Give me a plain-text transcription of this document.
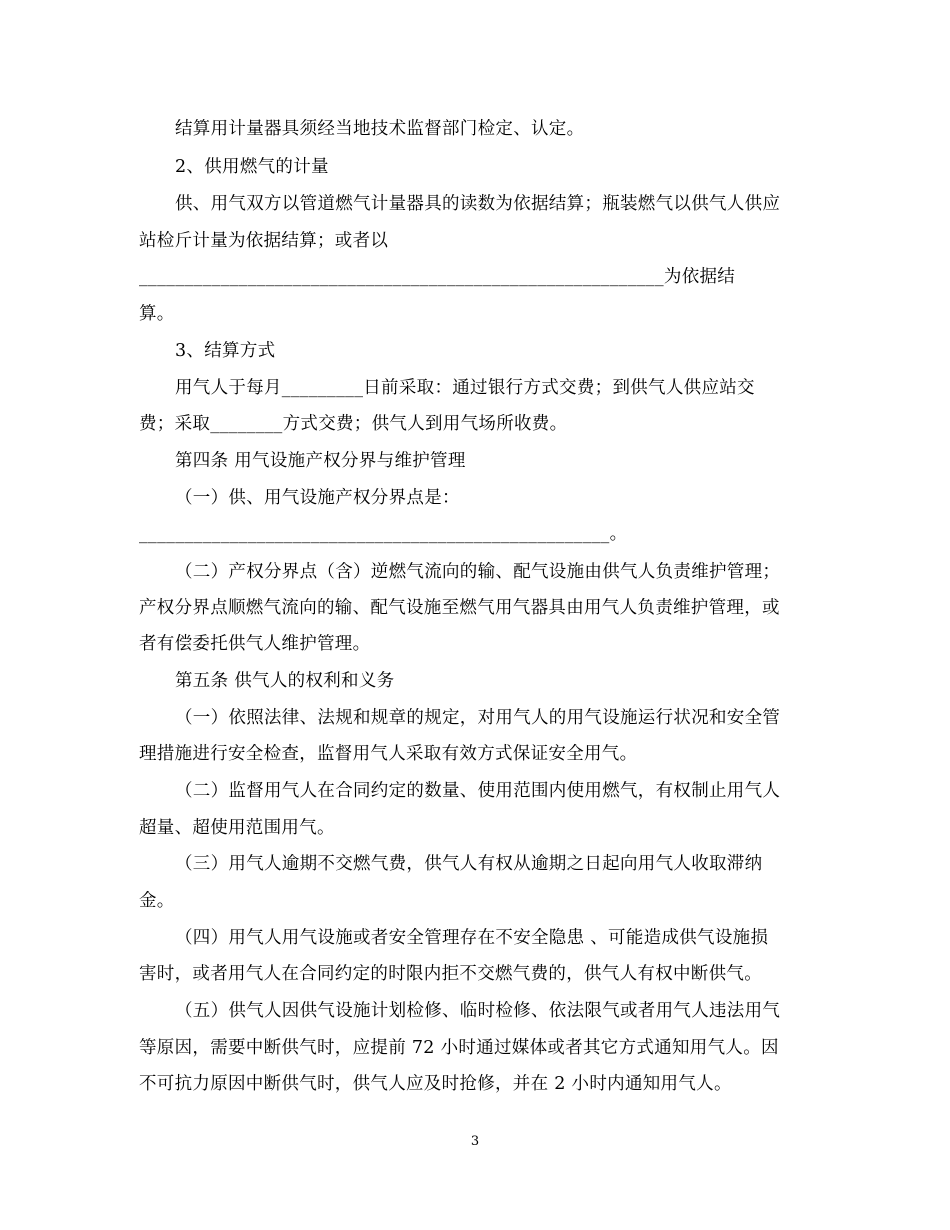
结算用计量器具须经当地技术监督部门检定、认定。
2、供用燃气的计量
供、用气双方以管道燃气计量器具的读数为依据结算；瓶装燃气以供气人供应
站检斤计量为依据结算；或者以
__________________________________________________________为依据结
算。
3、结算方式
用气人于每月_________日前采取：通过银行方式交费；到供气人供应站交
费；采取________方式交费；供气人到用气场所收费。
第四条 用气设施产权分界与维护管理
（一）供、用气设施产权分界点是：
____________________________________________________。
（二）产权分界点（含）逆燃气流向的输、配气设施由供气人负责维护管理；
产权分界点顺燃气流向的输、配气设施至燃气用气器具由用气人负责维护管理，或
者有偿委托供气人维护管理。
第五条 供气人的权利和义务
（一）依照法律、法规和规章的规定，对用气人的用气设施运行状况和安全管
理措施进行安全检查，监督用气人采取有效方式保证安全用气。
（二）监督用气人在合同约定的数量、使用范围内使用燃气，有权制止用气人
超量、超使用范围用气。
（三）用气人逾期不交燃气费，供气人有权从逾期之日起向用气人收取滞纳
金。
（四）用气人用气设施或者安全管理存在不安全隐患 、可能造成供气设施损
害时，或者用气人在合同约定的时限内拒不交燃气费的，供气人有权中断供气。
（五）供气人因供气设施计划检修、临时检修、依法限气或者用气人违法用气
等原因，需要中断供气时，应提前 72 小时通过媒体或者其它方式通知用气人。因
不可抗力原因中断供气时，供气人应及时抢修，并在 2 小时内通知用气人。
3
